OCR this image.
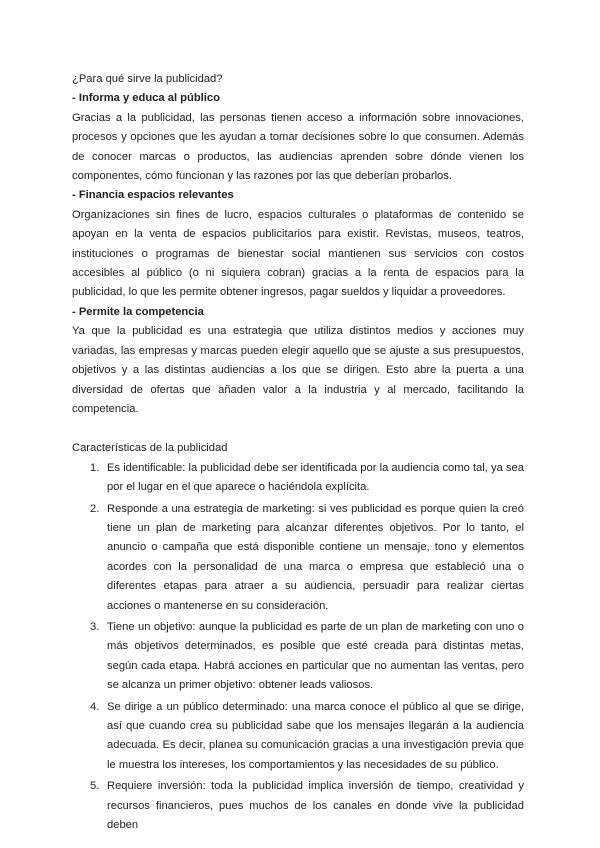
¿Para qué sirve la publicidad?

- Informa y educa al público

Gracias a la publicidad, las personas tienen acceso a información sobre innovaciones, procesos y opciones que les ayudan a tomar decisiones sobre lo que consumen. Además de conocer marcas o productos, las audiencias aprenden sobre dónde vienen los componentes, cómo funcionan y las razones por las que deberían probarlos.

- Financia espacios relevantes

Organizaciones sin fines de lucro, espacios culturales o plataformas de contenido se apoyan en la venta de espacios publicitarios para existir. Revistas, museos, teatros, instituciones o programas de bienestar social mantienen sus servicios con costos accesibles al público (o ni siquiera cobran) gracias a la renta de espacios para la publicidad, lo que les permite obtener ingresos, pagar sueldos y liquidar a proveedores.

- Permite la competencia

Ya que la publicidad es una estrategia que utiliza distintos medios y acciones muy variadas, las empresas y marcas pueden elegir aquello que se ajuste a sus presupuestos, objetivos y a las distintas audiencias a los que se dirigen. Esto abre la puerta a una diversidad de ofertas que añaden valor a la industria y al mercado, facilitando la competencia.

Características de la publicidad

1. Es identificable: la publicidad debe ser identificada por la audiencia como tal, ya sea por el lugar en el que aparece o haciéndola explícita.
2. Responde a una estrategia de marketing: si ves publicidad es porque quien la creó tiene un plan de marketing para alcanzar diferentes objetivos. Por lo tanto, el anuncio o campaña que está disponible contiene un mensaje, tono y elementos acordes con la personalidad de una marca o empresa que estableció una o diferentes etapas para atraer a su audiencia, persuadir para realizar ciertas acciones o mantenerse en su consideración.
3. Tiene un objetivo: aunque la publicidad es parte de un plan de marketing con uno o más objetivos determinados, es posible que esté creada para distintas metas, según cada etapa. Habrá acciones en particular que no aumentan las ventas, pero se alcanza un primer objetivo: obtener leads valiosos.
4. Se dirige a un público determinado: una marca conoce el público al que se dirige, así que cuando crea su publicidad sabe que los mensajes llegarán a la audiencia adecuada. Es decir, planea su comunicación gracias a una investigación previa que le muestra los intereses, los comportamientos y las necesidades de su público.
5. Requiere inversión: toda la publicidad implica inversión de tiempo, creatividad y recursos financieros, pues muchos de los canales en donde vive la publicidad deben
